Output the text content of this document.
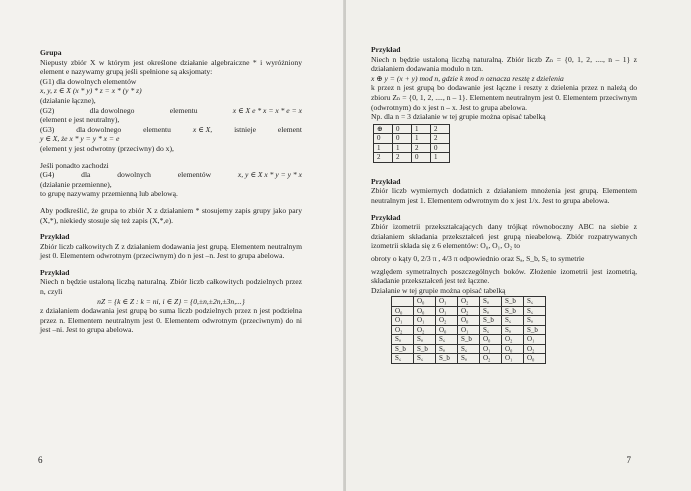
Grupa
Niepusty zbiór X w którym jest określone działanie algebraiczne * i wyróżniony element e nazywamy grupą jeśli spełnione są aksjomaty:
(G1) dla dowolnych elementów
x, y, z ∈ X (x * y) * z = x * (y * z)
(działanie łączne),
(G2)	dla dowolnego	elementu	x ∈ X e * x = x * e = x
(element e jest neutralny),
(G3)	dla dowolnego	elementu	x ∈ X,	istnieje	element
y ∈ X, że x * y = y * x = e
(element y jest odwrotny (przeciwny) do x),
Jeśli ponadto zachodzi
(G4)	dla	dowolnych	elementów	x, y ∈ X x * y = y * x
(działanie przemienne),
to grupę nazywamy przemienną lub abelową.
Aby podkreślić, że grupa to zbiór X z działaniem * stosujemy zapis grupy jako pary (X,*), niekiedy stosuje się też zapis (X,*,e).
Przykład
Zbiór liczb całkowitych Z z działaniem dodawania jest grupą. Elementem neutralnym jest 0. Elementem odwrotnym (przeciwnym) do n jest –n. Jest to grupa abelowa.
Przykład
Niech n będzie ustaloną liczbą naturalną. Zbiór liczb całkowitych podzielnych przez n, czyli
nZ = {k ∈ Z : k = ni, i ∈ Z} = {0,±n,±2n,±3n,...}
z działaniem dodawania jest grupą bo suma liczb podzielnych przez n jest podzielna przez n. Elementem neutralnym jest 0. Elementem odwrotnym (przeciwnym) do ni jest –ni. Jest to grupa abelowa.
6
Przykład
Niech n będzie ustaloną liczbą naturalną. Zbiór liczb Zₙ = {0, 1, 2, ...., n – 1} z działaniem dodawania modulo n tzn.
x ⊕ y = (x + y) mod n, gdzie k mod n oznacza resztę z dzielenia
k przez n jest grupą bo dodawanie jest łączne i reszty z dzielenia przez n należą do zbioru Zₙ = {0, 1, 2, ...., n – 1}. Elementem neutralnym jest 0. Elementem przeciwnym (odwrotnym) do x jest n – x. Jest to grupa abelowa.
Np. dla n = 3 działanie w tej grupie można opisać tabelką
⊕	0	1	2
0	0	1	2
1	1	2	0
2	2	0	1
Przykład
Zbiór liczb wymiernych dodatnich z działaniem mnożenia jest grupą. Elementem neutralnym jest 1. Elementem odwrotnym do x jest 1/x. Jest to grupa abelowa.
Przykład
Zbiór izometrii przekształcających dany trójkąt równoboczny ABC na siebie z działaniem składania przekształceń jest grupą nieabelową. Zbiór rozpatrywanych izometrii składa się z 6 elementów: O₀, O₁, O₂ to
obroty o kąty 0, 2/3 π , 4/3 π odpowiednio oraz Sₐ, S_b, S꜀ to symetrie
względem symetralnych poszczególnych boków. Złożenie izometrii jest izometrią, składanie przekształceń jest też łączne.
Działanie w tej grupie można opisać tabelką
	O₀	O₁	O₂	Sₐ	S_b	S꜀
O₀	O₀	O₁	O₂	Sₐ	S_b	S꜀
O₁	O₁	O₂	O₀	S_b	S꜀	Sₐ
O₂	O₂	O₀	O₁	S꜀	Sₐ	S_b
Sₐ	Sₐ	S꜀	S_b	O₀	O₂	O₁
S_b	S_b	Sₐ	S꜀	O₁	O₀	O₂
S꜀	S꜀	S_b	Sₐ	O₂	O₁	O₀
7
